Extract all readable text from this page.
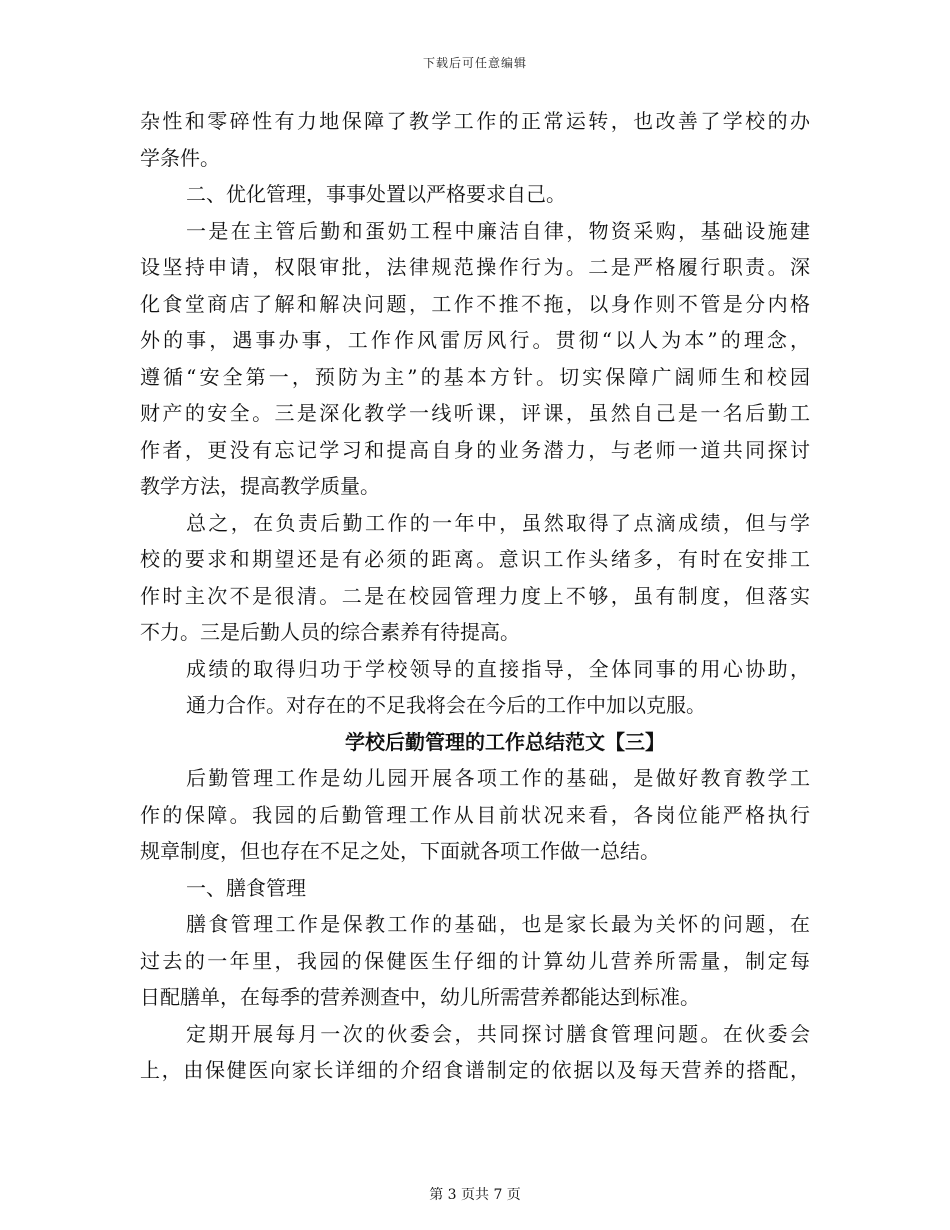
下载后可任意编辑
杂性和零碎性有力地保障了教学工作的正常运转，也改善了学校的办
学条件。
二、优化管理，事事处置以严格要求自己。
一是在主管后勤和蛋奶工程中廉洁自律，物资采购，基础设施建
设坚持申请，权限审批，法律规范操作行为。二是严格履行职责。深
化食堂商店了解和解决问题，工作不推不拖，以身作则不管是分内格
外的事，遇事办事，工作作风雷厉风行。贯彻“以人为本”的理念，
遵循“安全第一，预防为主”的基本方针。切实保障广阔师生和校园
财产的安全。三是深化教学一线听课，评课，虽然自己是一名后勤工
作者，更没有忘记学习和提高自身的业务潜力，与老师一道共同探讨
教学方法，提高教学质量。
总之，在负责后勤工作的一年中，虽然取得了点滴成绩，但与学
校的要求和期望还是有必须的距离。意识工作头绪多，有时在安排工
作时主次不是很清。二是在校园管理力度上不够，虽有制度，但落实
不力。三是后勤人员的综合素养有待提高。
成绩的取得归功于学校领导的直接指导，全体同事的用心协助，
通力合作。对存在的不足我将会在今后的工作中加以克服。
学校后勤管理的工作总结范文【三】
后勤管理工作是幼儿园开展各项工作的基础，是做好教育教学工
作的保障。我园的后勤管理工作从目前状况来看，各岗位能严格执行
规章制度，但也存在不足之处，下面就各项工作做一总结。
一、膳食管理
膳食管理工作是保教工作的基础，也是家长最为关怀的问题，在
过去的一年里，我园的保健医生仔细的计算幼儿营养所需量，制定每
日配膳单，在每季的营养测查中，幼儿所需营养都能达到标准。
定期开展每月一次的伙委会，共同探讨膳食管理问题。在伙委会
上，由保健医向家长详细的介绍食谱制定的依据以及每天营养的搭配，
第 3 页共 7 页
